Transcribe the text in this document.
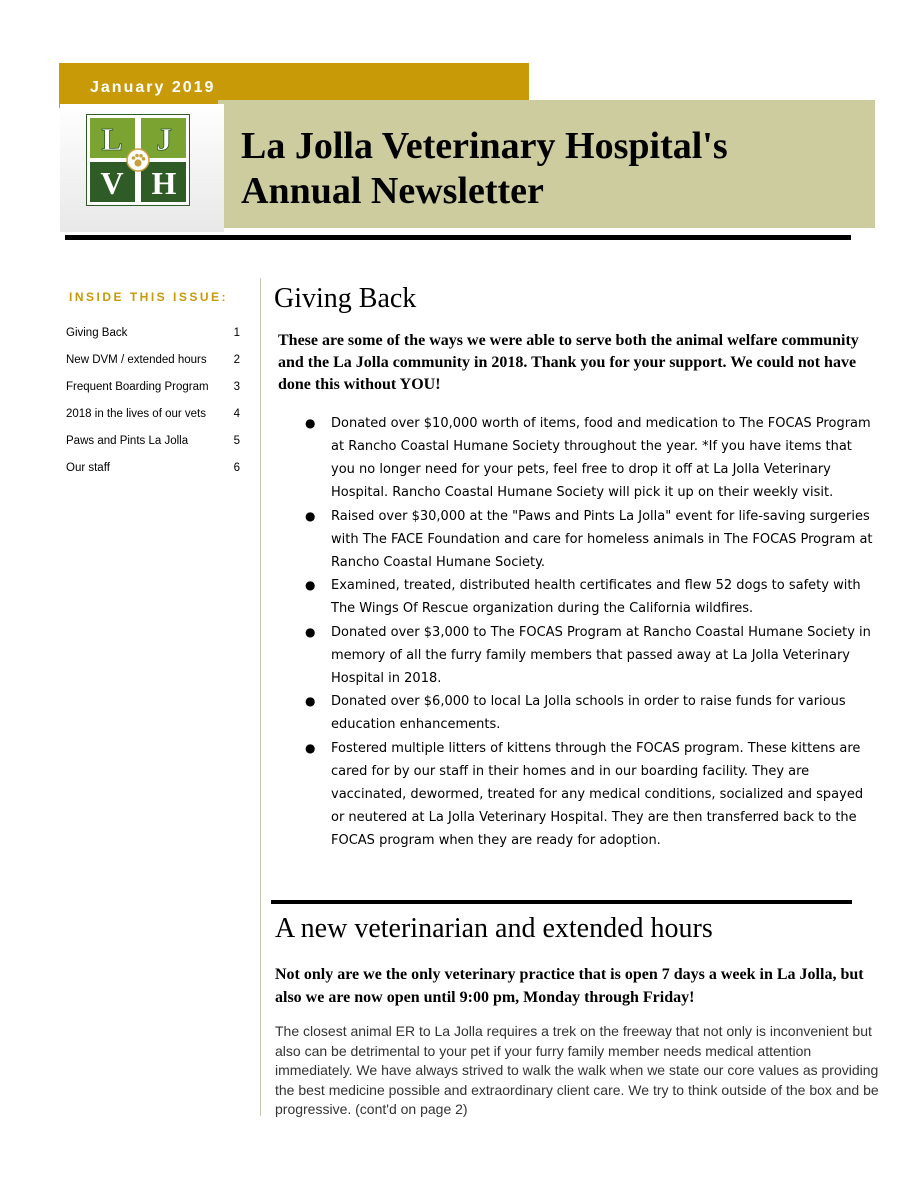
January 2019
La Jolla Veterinary Hospital's
Annual Newsletter
L J
V H
INSIDE THIS ISSUE:
Giving Back	1
New DVM / extended hours 2
Frequent Boarding Program 3
2018 in the lives of our vets 4
Paws and Pints La Jolla	5
Our staff	6
Giving Back
These are some of the ways we were able to serve both the animal welfare community and the La Jolla community in 2018. Thank you for your support. We could not have done this without YOU!
● Donated over $10,000 worth of items, food and medication to The FOCAS Program at Rancho Coastal Humane Society throughout the year. *If you have items that you no longer need for your pets, feel free to drop it off at La Jolla Veterinary Hospital. Rancho Coastal Humane Society will pick it up on their weekly visit.
● Raised over $30,000 at the "Paws and Pints La Jolla" event for life-saving surgeries with The FACE Foundation and care for homeless animals in The FOCAS Program at Rancho Coastal Humane Society.
● Examined, treated, distributed health certificates and flew 52 dogs to safety with The Wings Of Rescue organization during the California wildfires.
● Donated over $3,000 to The FOCAS Program at Rancho Coastal Humane Society in memory of all the furry family members that passed away at La Jolla Veterinary Hospital in 2018.
● Donated over $6,000 to local La Jolla schools in order to raise funds for various education enhancements.
● Fostered multiple litters of kittens through the FOCAS program. These kittens are cared for by our staff in their homes and in our boarding facility. They are vaccinated, dewormed, treated for any medical conditions, socialized and spayed or neutered at La Jolla Veterinary Hospital. They are then transferred back to the FOCAS program when they are ready for adoption.
A new veterinarian and extended hours
Not only are we the only veterinary practice that is open 7 days a week in La Jolla, but also we are now open until 9:00 pm, Monday through Friday!
The closest animal ER to La Jolla requires a trek on the freeway that not only is inconvenient but also can be detrimental to your pet if your furry family member needs medical attention immediately. We have always strived to walk the walk when we state our core values as providing the best medicine possible and extraordinary client care. We try to think outside of the box and be progressive. (cont'd on page 2)
